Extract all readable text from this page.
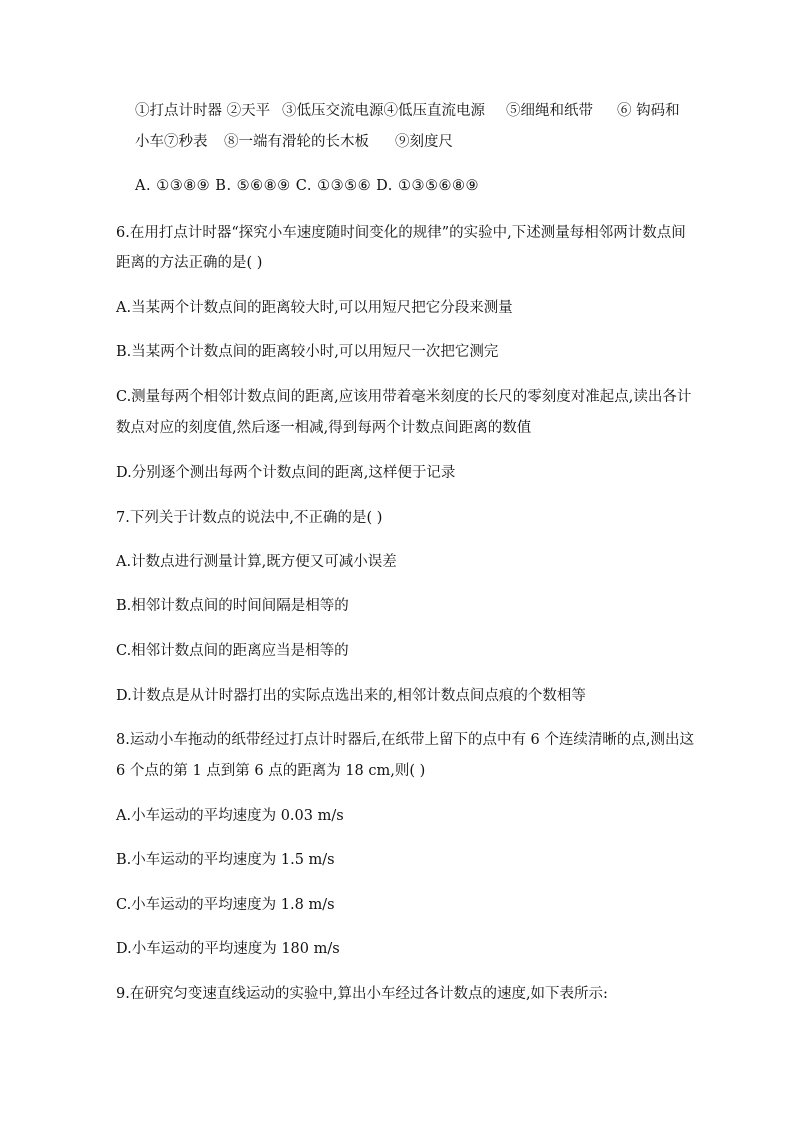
①打点计时器 ②天平 ③低压交流电源④低压直流电源 ⑤细绳和纸带 ⑥ 钩码和
小车⑦秒表 ⑧一端有滑轮的长木板 ⑨刻度尺
A. ①③⑧⑨ B. ⑤⑥⑧⑨ C. ①③⑤⑥ D. ①③⑤⑥⑧⑨
6.在用打点计时器“探究小车速度随时间变化的规律”的实验中,下述测量每相邻两计数点间
距离的方法正确的是( )
A.当某两个计数点间的距离较大时,可以用短尺把它分段来测量
B.当某两个计数点间的距离较小时,可以用短尺一次把它测完
C.测量每两个相邻计数点间的距离,应该用带着毫米刻度的长尺的零刻度对准起点,读出各计
数点对应的刻度值,然后逐一相减,得到每两个计数点间距离的数值
D.分别逐个测出每两个计数点间的距离,这样便于记录
7.下列关于计数点的说法中,不正确的是( )
A.计数点进行测量计算,既方便又可减小误差
B.相邻计数点间的时间间隔是相等的
C.相邻计数点间的距离应当是相等的
D.计数点是从计时器打出的实际点选出来的,相邻计数点间点痕的个数相等
8.运动小车拖动的纸带经过打点计时器后,在纸带上留下的点中有 6 个连续清晰的点,测出这
6 个点的第 1 点到第 6 点的距离为 18 cm,则( )
A.小车运动的平均速度为 0.03 m/s
B.小车运动的平均速度为 1.5 m/s
C.小车运动的平均速度为 1.8 m/s
D.小车运动的平均速度为 180 m/s
9.在研究匀变速直线运动的实验中,算出小车经过各计数点的速度,如下表所示:
